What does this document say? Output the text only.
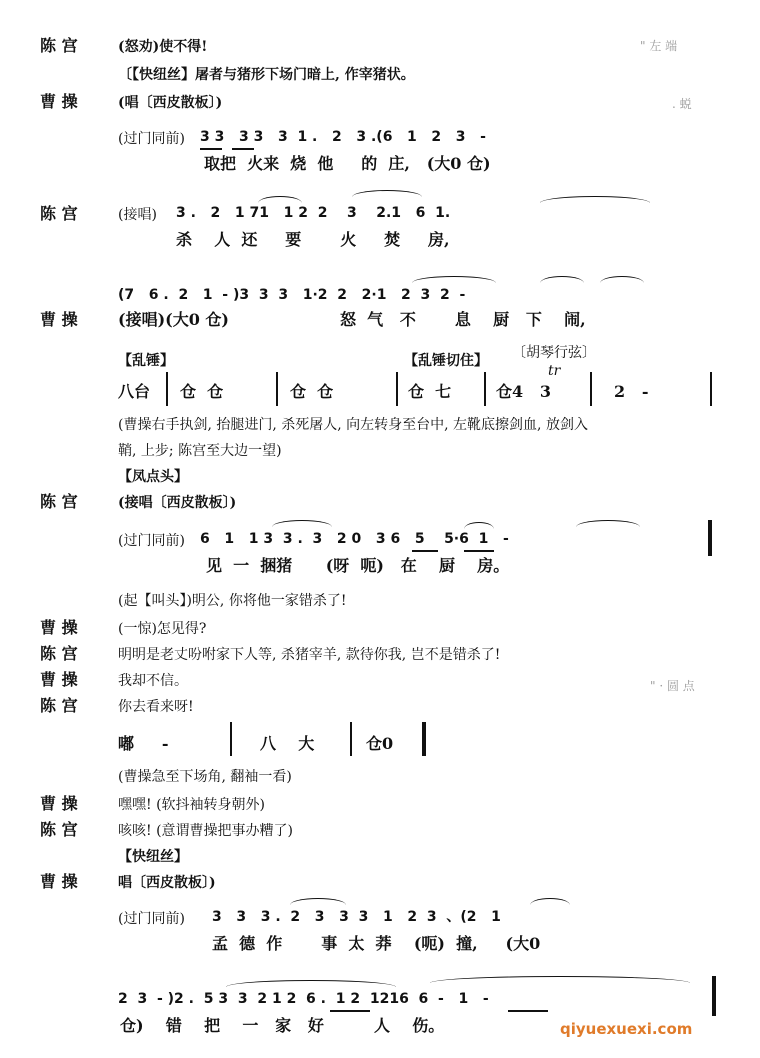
" 左 端
. 蜕
" · 圆 点
陈 宫	(怒劝)使不得!
〔【快纽丝】屠者与猪形下场门暗上, 作宰猪状。
曹 操	(唱〔西皮散板〕)
(过门同前) 3 3   3 3   3  1 .   2   3 .(6   1   2   3   -
取把  火来  烧  他     的  庄,   (大0 仓)
陈 宫	(接唱) 3 .   2   1 71   1 2  2    3    2.1   6  1.
杀    人  还     要       火     焚     房,
(7   6 .  2   1  - )3  3  3   1·2  2   2·1   2  3  2  -
曹 操	(接唱)(大0 仓)	怒  气   不       息    厨   下    闹,
【乱锤】	【乱锤切住】 〔胡琴行弦〕
tr
八台 仓  仓	仓  仓	仓  七	仓4   3	2   -
(曹操右手执剑, 抬腿进门, 杀死屠人, 向左转身至台中, 左靴底擦剑血, 放剑入
鞘, 上步; 陈宫至大边一望)
【凤点头】
陈 宫	(接唱〔西皮散板〕)
(过门同前) 6   1   1 3  3 .  3   2 0   3 6   5    5·6  1   -
见  一  捆猪      (呀  呃)   在    厨    房。
(起【叫头】)明公, 你将他一家错杀了!
曹 操	(一惊)怎见得?
陈 宫	明明是老丈吩咐家下人等, 杀猪宰羊, 款待你我, 岂不是错杀了!
曹 操	我却不信。
陈 宫	你去看来呀!
嘟     -	八    大	仓0
(曹操急至下场角, 翻袖一看)
曹 操	嘿嘿! (软抖袖转身朝外)
陈 宫	咳咳! (意谓曹操把事办糟了)
【快纽丝】
曹 操	唱〔西皮散板〕)
(过门同前) 3   3   3 .  2   3   3  3   1   2  3  、(2   1
孟  德  作       事  太  莽    (呃)  撞,     (大0
2  3  - )2 .  5 3  3  2 1 2  6 .  1 2  1216  6  -   1   -
仓)    错    把    一   家   好         人    伤。	qiyuexuexi.com
